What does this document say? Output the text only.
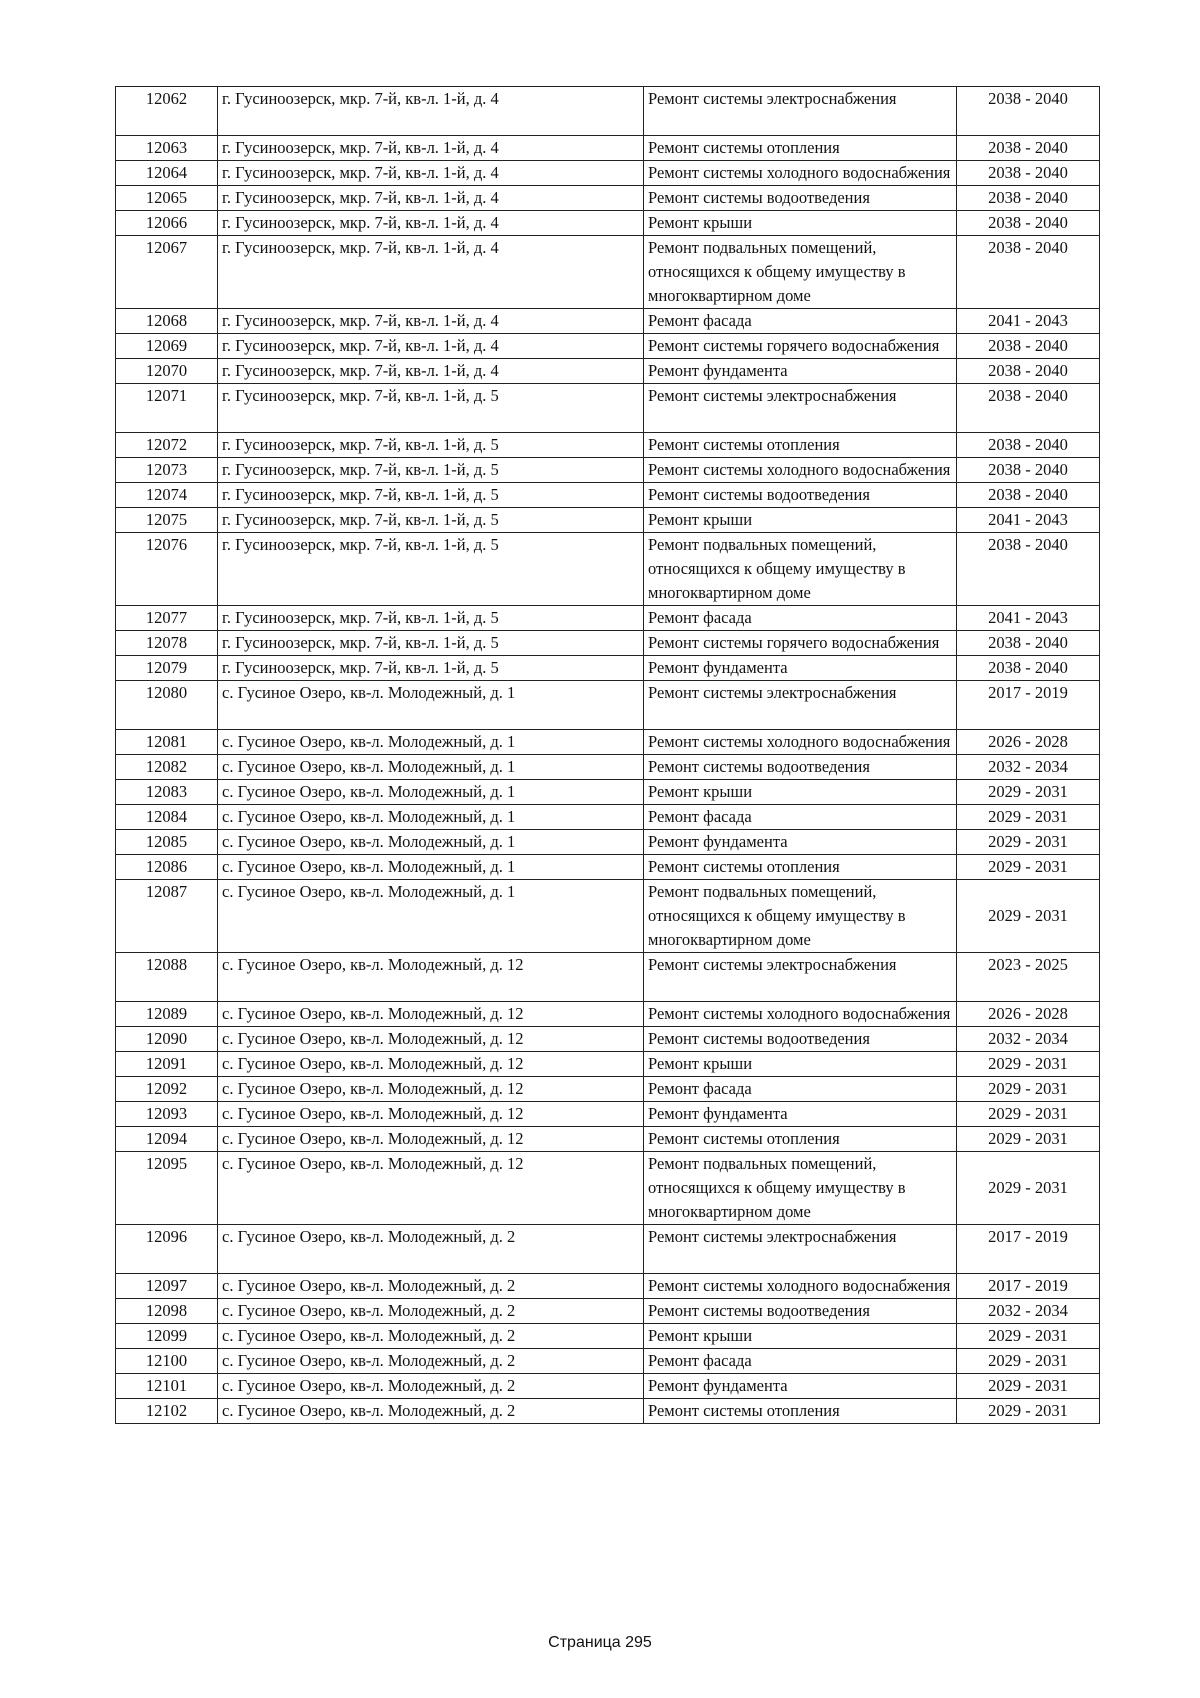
12062	г. Гусиноозерск, мкр. 7-й, кв-л. 1-й, д. 4	Ремонт системы электроснабжения	2038 - 2040
12063	г. Гусиноозерск, мкр. 7-й, кв-л. 1-й, д. 4	Ремонт системы отопления	2038 - 2040
12064	г. Гусиноозерск, мкр. 7-й, кв-л. 1-й, д. 4	Ремонт системы холодного водоснабжения	2038 - 2040
12065	г. Гусиноозерск, мкр. 7-й, кв-л. 1-й, д. 4	Ремонт системы водоотведения	2038 - 2040
12066	г. Гусиноозерск, мкр. 7-й, кв-л. 1-й, д. 4	Ремонт крыши	2038 - 2040
12067	г. Гусиноозерск, мкр. 7-й, кв-л. 1-й, д. 4	Ремонт подвальных помещений, относящихся к общему имуществу в многоквартирном доме	2038 - 2040
12068	г. Гусиноозерск, мкр. 7-й, кв-л. 1-й, д. 4	Ремонт фасада	2041 - 2043
12069	г. Гусиноозерск, мкр. 7-й, кв-л. 1-й, д. 4	Ремонт системы горячего водоснабжения	2038 - 2040
12070	г. Гусиноозерск, мкр. 7-й, кв-л. 1-й, д. 4	Ремонт фундамента	2038 - 2040
12071	г. Гусиноозерск, мкр. 7-й, кв-л. 1-й, д. 5	Ремонт системы электроснабжения	2038 - 2040
12072	г. Гусиноозерск, мкр. 7-й, кв-л. 1-й, д. 5	Ремонт системы отопления	2038 - 2040
12073	г. Гусиноозерск, мкр. 7-й, кв-л. 1-й, д. 5	Ремонт системы холодного водоснабжения	2038 - 2040
12074	г. Гусиноозерск, мкр. 7-й, кв-л. 1-й, д. 5	Ремонт системы водоотведения	2038 - 2040
12075	г. Гусиноозерск, мкр. 7-й, кв-л. 1-й, д. 5	Ремонт крыши	2041 - 2043
12076	г. Гусиноозерск, мкр. 7-й, кв-л. 1-й, д. 5	Ремонт подвальных помещений, относящихся к общему имуществу в многоквартирном доме	2038 - 2040
12077	г. Гусиноозерск, мкр. 7-й, кв-л. 1-й, д. 5	Ремонт фасада	2041 - 2043
12078	г. Гусиноозерск, мкр. 7-й, кв-л. 1-й, д. 5	Ремонт системы горячего водоснабжения	2038 - 2040
12079	г. Гусиноозерск, мкр. 7-й, кв-л. 1-й, д. 5	Ремонт фундамента	2038 - 2040
12080	с. Гусиное Озеро, кв-л. Молодежный, д. 1	Ремонт системы электроснабжения	2017 - 2019
12081	с. Гусиное Озеро, кв-л. Молодежный, д. 1	Ремонт системы холодного водоснабжения	2026 - 2028
12082	с. Гусиное Озеро, кв-л. Молодежный, д. 1	Ремонт системы водоотведения	2032 - 2034
12083	с. Гусиное Озеро, кв-л. Молодежный, д. 1	Ремонт крыши	2029 - 2031
12084	с. Гусиное Озеро, кв-л. Молодежный, д. 1	Ремонт фасада	2029 - 2031
12085	с. Гусиное Озеро, кв-л. Молодежный, д. 1	Ремонт фундамента	2029 - 2031
12086	с. Гусиное Озеро, кв-л. Молодежный, д. 1	Ремонт системы отопления	2029 - 2031
12087	с. Гусиное Озеро, кв-л. Молодежный, д. 1	Ремонт подвальных помещений, относящихся к общему имуществу в многоквартирном доме	2029 - 2031
12088	с. Гусиное Озеро, кв-л. Молодежный, д. 12	Ремонт системы электроснабжения	2023 - 2025
12089	с. Гусиное Озеро, кв-л. Молодежный, д. 12	Ремонт системы холодного водоснабжения	2026 - 2028
12090	с. Гусиное Озеро, кв-л. Молодежный, д. 12	Ремонт системы водоотведения	2032 - 2034
12091	с. Гусиное Озеро, кв-л. Молодежный, д. 12	Ремонт крыши	2029 - 2031
12092	с. Гусиное Озеро, кв-л. Молодежный, д. 12	Ремонт фасада	2029 - 2031
12093	с. Гусиное Озеро, кв-л. Молодежный, д. 12	Ремонт фундамента	2029 - 2031
12094	с. Гусиное Озеро, кв-л. Молодежный, д. 12	Ремонт системы отопления	2029 - 2031
12095	с. Гусиное Озеро, кв-л. Молодежный, д. 12	Ремонт подвальных помещений, относящихся к общему имуществу в многоквартирном доме	2029 - 2031
12096	с. Гусиное Озеро, кв-л. Молодежный, д. 2	Ремонт системы электроснабжения	2017 - 2019
12097	с. Гусиное Озеро, кв-л. Молодежный, д. 2	Ремонт системы холодного водоснабжения	2017 - 2019
12098	с. Гусиное Озеро, кв-л. Молодежный, д. 2	Ремонт системы водоотведения	2032 - 2034
12099	с. Гусиное Озеро, кв-л. Молодежный, д. 2	Ремонт крыши	2029 - 2031
12100	с. Гусиное Озеро, кв-л. Молодежный, д. 2	Ремонт фасада	2029 - 2031
12101	с. Гусиное Озеро, кв-л. Молодежный, д. 2	Ремонт фундамента	2029 - 2031
12102	с. Гусиное Озеро, кв-л. Молодежный, д. 2	Ремонт системы отопления	2029 - 2031
Страница 295
